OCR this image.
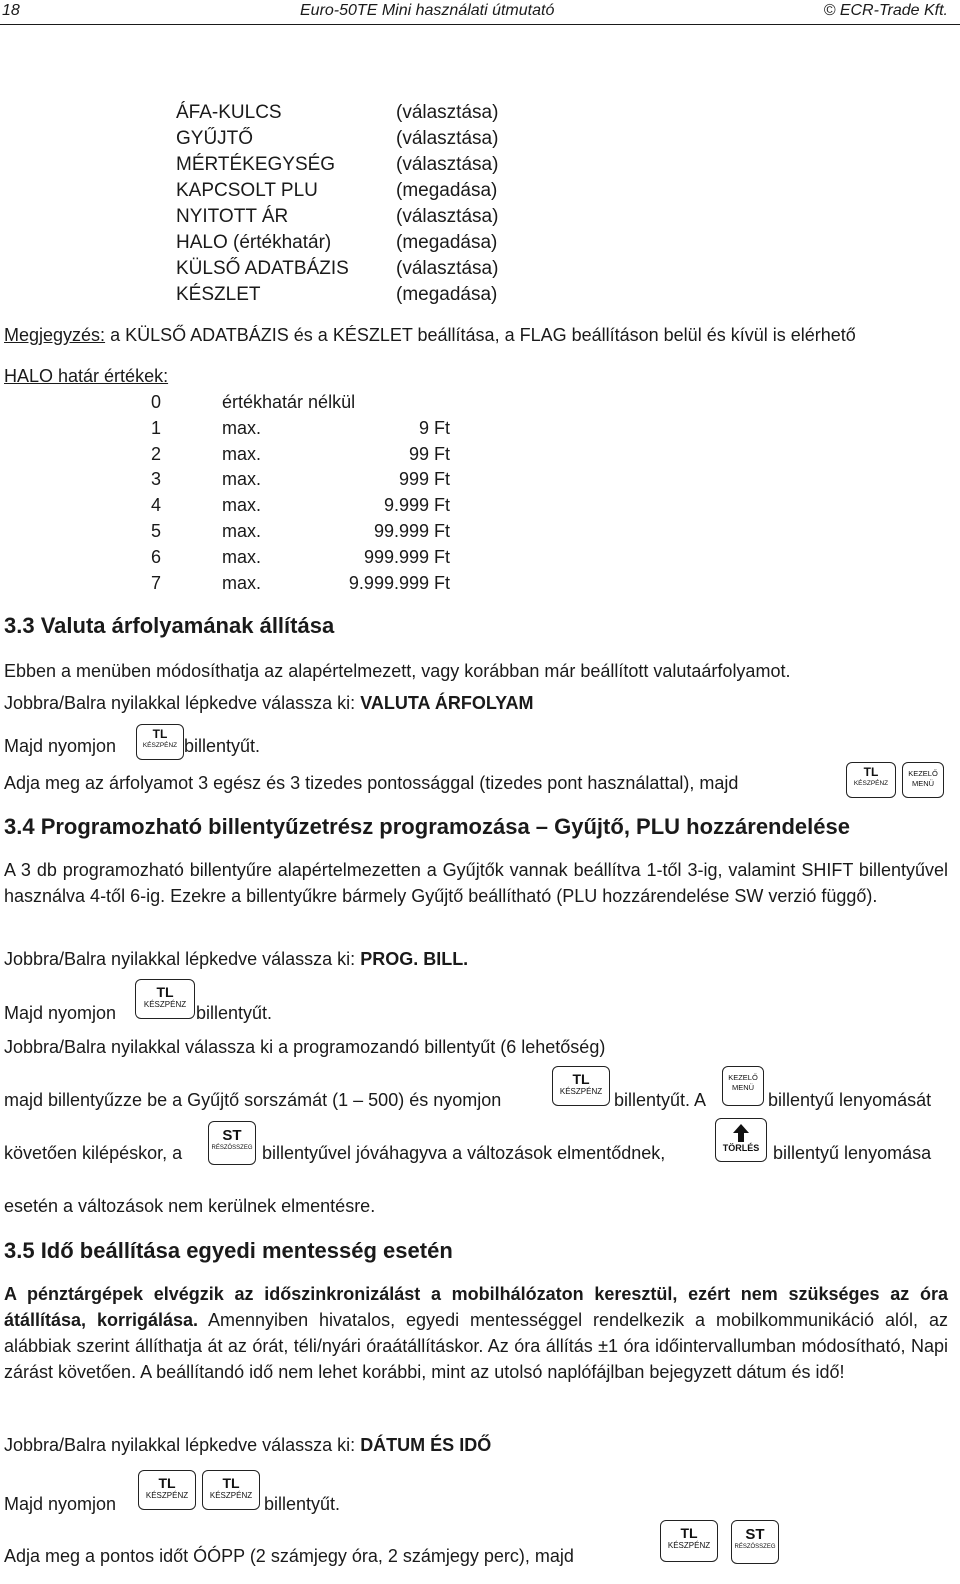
18	Euro-50TE Mini használati útmutató	© ECR-Trade Kft.
ÁFA-KULCS	(választása)
GYŰJTŐ	(választása)
MÉRTÉKEGYSÉG	(választása)
KAPCSOLT PLU	(megadása)
NYITOTT ÁR	(választása)
HALO (értékhatár)	(megadása)
KÜLSŐ ADATBÁZIS (választása)
KÉSZLET	(megadása)
Megjegyzés: a KÜLSŐ ADATBÁZIS és a KÉSZLET beállítása, a FLAG beállításon belül és kívül is elérhető
HALO határ értékek:
0	értékhatár nélkül
1	max.	9 Ft
2	max.	99 Ft
3	max.	999 Ft
4	max.	9.999 Ft
5	max.	99.999 Ft
6	max.	999.999 Ft
7	max.	9.999.999 Ft
3.3 Valuta árfolyamának állítása
Ebben a menüben módosíthatja az alapértelmezett, vagy korábban már beállított valutaárfolyamot.
Jobbra/Balra nyilakkal lépkedve válassza ki: VALUTA ÁRFOLYAM
Majd nyomjon
TL
KÉSZPÉNZ billentyűt.
Adja meg az árfolyamot 3 egész és 3 tizedes pontossággal (tizedes pont használattal), majd
TL
KÉSZPÉNZ
KEZELŐ
MENÜ
3.4 Programozható billentyűzetrész programozása – Gyűjtő, PLU hozzárendelése
A 3 db programozható billentyűre alapértelmezetten a Gyűjtők vannak beállítva 1-től 3-ig, valamint SHIFT billentyűvel használva 4-től 6-ig. Ezekre a billentyűkre bármely Gyűjtő beállítható (PLU hozzárendelése SW verzió függő).
Jobbra/Balra nyilakkal lépkedve válassza ki: PROG. BILL.
Majd nyomjon
TL
KÉSZPÉNZ billentyűt.
Jobbra/Balra nyilakkal válassza ki a programozandó billentyűt (6 lehetőség)
majd billentyűzze be a Gyűjtő sorszámát (1 – 500) és nyomjon
TL
KÉSZPÉNZ billentyűt. A
KEZELŐ
MENÜ
billentyű lenyomását
követően kilépéskor, a
ST
RÉSZÖSSZEG billentyűvel jóváhagyva a változások elmentődnek,	TÖRLÉS billentyű lenyomása
esetén a változások nem kerülnek elmentésre.
3.5 Idő beállítása egyedi mentesség esetén
A pénztárgépek elvégzik az időszinkronizálást a mobilhálózaton keresztül, ezért nem szükséges az óra átállítása, korrigálása. Amennyiben hivatalos, egyedi mentességgel rendelkezik a mobilkommunikáció alól, az alábbiak szerint állíthatja át az órát, téli/nyári óraátállításkor. Az óra állítás ±1 óra időintervallumban módosítható, Napi zárást követően. A beállítandó idő nem lehet korábbi, mint az utolsó naplófájlban bejegyzett dátum és idő!
Jobbra/Balra nyilakkal lépkedve válassza ki: DÁTUM ÉS IDŐ
Majd nyomjon
TL
KÉSZPÉNZ
TL
KÉSZPÉNZ billentyűt.
Adja meg a pontos időt ÓÓPP (2 számjegy óra, 2 számjegy perc), majd
TL
KÉSZPÉNZ
ST
RÉSZÖSSZEG
